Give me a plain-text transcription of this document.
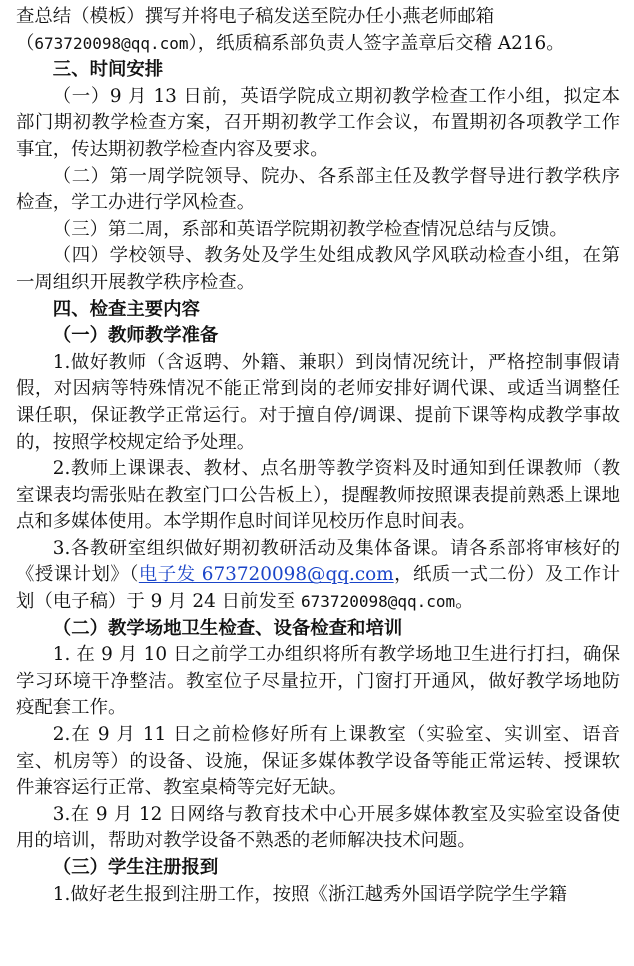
查总结（模板）撰写并将电子稿发送至院办任小燕老师邮箱

（673720098@qq.com），纸质稿系部负责人签字盖章后交稽 A216。

三、时间安排

（一）9 月 13 日前，英语学院成立期初教学检查工作小组，拟定本部门期初教学检查方案，召开期初教学工作会议，布置期初各项教学工作事宜，传达期初教学检查内容及要求。

（二）第一周学院领导、院办、各系部主任及教学督导进行教学秩序检查，学工办进行学风检查。

（三）第二周，系部和英语学院期初教学检查情况总结与反馈。

（四）学校领导、教务处及学生处组成教风学风联动检查小组，在第一周组织开展教学秩序检查。

四、检查主要内容

（一）教师教学准备

1.做好教师（含返聘、外籍、兼职）到岗情况统计，严格控制事假请假，对因病等特殊情况不能正常到岗的老师安排好调代课、或适当调整任课任职，保证教学正常运行。对于擅自停/调课、提前下课等构成教学事故的，按照学校规定给予处理。

2.教师上课课表、教材、点名册等教学资料及时通知到任课教师（教室课表均需张贴在教室门口公告板上），提醒教师按照课表提前熟悉上课地点和多媒体使用。本学期作息时间详见校历作息时间表。

3.各教研室组织做好期初教研活动及集体备课。请各系部将审核好的《授课计划》（电子发 673720098@qq.com，纸质一式二份）及工作计划（电子稿）于 9 月 24 日前发至 673720098@qq.com。

（二）教学场地卫生检查、设备检查和培训

1. 在 9 月 10 日之前学工办组织将所有教学场地卫生进行打扫，确保学习环境干净整洁。教室位子尽量拉开，门窗打开通风，做好教学场地防疫配套工作。

2.在 9 月 11 日之前检修好所有上课教室（实验室、实训室、语音室、机房等）的设备、设施，保证多媒体教学设备等能正常运转、授课软件兼容运行正常、教室桌椅等完好无缺。

3.在 9 月 12 日网络与教育技术中心开展多媒体教室及实验室设备使用的培训，帮助对教学设备不熟悉的老师解决技术问题。

（三）学生注册报到

1.做好老生报到注册工作，按照《浙江越秀外国语学院学生学籍
